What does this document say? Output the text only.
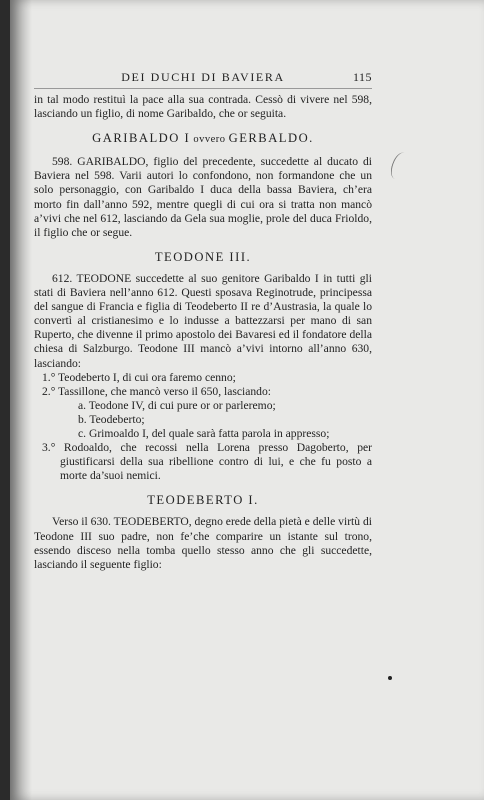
DEI DUCHI DI BAVIERA	115

in tal modo restituì la pace alla sua contrada. Cessò di vivere nel 598, lasciando un figlio, di nome Garibaldo, che or seguita.

GARIBALDO I ovvero GERBALDO.

598. GARIBALDO, figlio del precedente, succedette al ducato di Baviera nel 598. Varii autori lo confondono, non formandone che un solo personaggio, con Garibaldo I duca della bassa Baviera, ch’era morto fin dall’anno 592, mentre quegli di cui ora si tratta non mancò a’vivi che nel 612, lasciando da Gela sua moglie, prole del duca Frioldo, il figlio che or segue.

TEODONE III.

612. TEODONE succedette al suo genitore Garibaldo I in tutti gli stati di Baviera nell’anno 612. Questi sposava Reginotrude, principessa del sangue di Francia e figlia di Teodeberto II re d’Austrasia, la quale lo convertì al cristianesimo e lo indusse a battezzarsi per mano di san Ruperto, che divenne il primo apostolo dei Bavaresi ed il fondatore della chiesa di Salzburgo. Teodone III mancò a’vivi intorno all’anno 630, lasciando:

1.° Teodeberto I, di cui ora faremo cenno;
2.° Tassillone, che mancò verso il 650, lasciando:
a. Teodone IV, di cui pure or or parleremo;
b. Teodeberto;
c. Grimoaldo I, del quale sarà fatta parola in appresso;
3.° Rodoaldo, che recossi nella Lorena presso Dagoberto, per giustificarsi della sua ribellione contro di lui, e che fu posto a morte da’suoi nemici.
TEODEBERTO I.

Verso il 630. TEODEBERTO, degno erede della pietà e delle virtù di Teodone III suo padre, non fe’che comparire un istante sul trono, essendo disceso nella tomba quello stesso anno che gli succedette, lasciando il seguente figlio:
